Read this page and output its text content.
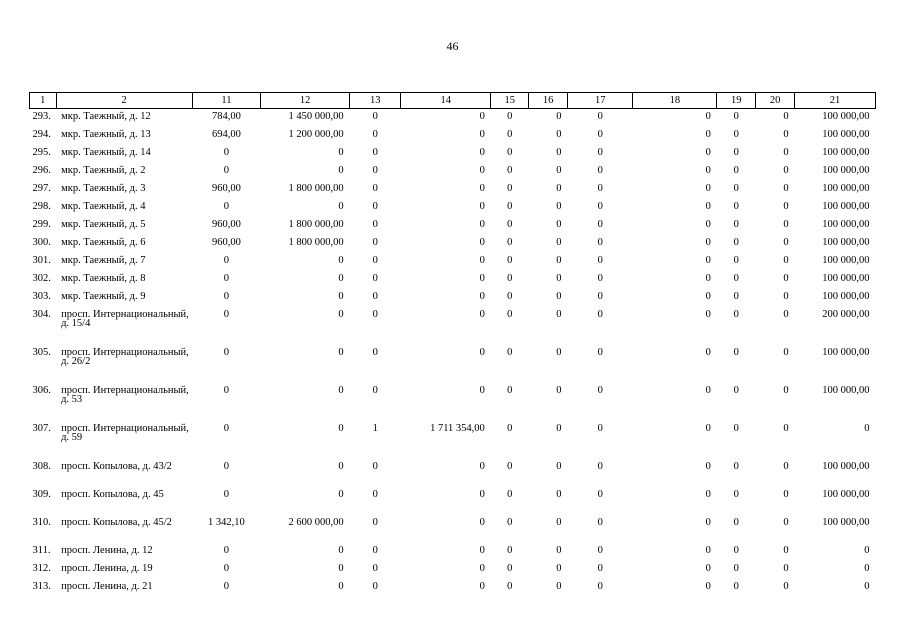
46
1	2	11	12	13	14	15	16	17	18	19	20	21
293.	мкр. Таежный, д. 12	784,00	1 450 000,00	0	0	0	0	0	0	0	0	100 000,00
294.	мкр. Таежный, д. 13	694,00	1 200 000,00	0	0	0	0	0	0	0	0	100 000,00
295.	мкр. Таежный, д. 14	0	0	0	0	0	0	0	0	0	0	100 000,00
296.	мкр. Таежный, д. 2	0	0	0	0	0	0	0	0	0	0	100 000,00
297.	мкр. Таежный, д. 3	960,00	1 800 000,00	0	0	0	0	0	0	0	0	100 000,00
298.	мкр. Таежный, д. 4	0	0	0	0	0	0	0	0	0	0	100 000,00
299.	мкр. Таежный, д. 5	960,00	1 800 000,00	0	0	0	0	0	0	0	0	100 000,00
300.	мкр. Таежный, д. 6	960,00	1 800 000,00	0	0	0	0	0	0	0	0	100 000,00
301.	мкр. Таежный, д. 7	0	0	0	0	0	0	0	0	0	0	100 000,00
302.	мкр. Таежный, д. 8	0	0	0	0	0	0	0	0	0	0	100 000,00
303.	мкр. Таежный, д. 9	0	0	0	0	0	0	0	0	0	0	100 000,00
304.	просп. Интернациональный, д. 15/4	0	0	0	0	0	0	0	0	0	0	200 000,00
305.	просп. Интернациональный, д. 26/2	0	0	0	0	0	0	0	0	0	0	100 000,00
306.	просп. Интернациональный, д. 53	0	0	0	0	0	0	0	0	0	0	100 000,00
307.	просп. Интернациональный, д. 59	0	0	1	1 711 354,00	0	0	0	0	0	0	0
308.	просп. Копылова, д. 43/2	0	0	0	0	0	0	0	0	0	0	100 000,00
309.	просп. Копылова, д. 45	0	0	0	0	0	0	0	0	0	0	100 000,00
310.	просп. Копылова, д. 45/2	1 342,10	2 600 000,00	0	0	0	0	0	0	0	0	100 000,00
311.	просп. Ленина, д. 12	0	0	0	0	0	0	0	0	0	0	0
312.	просп. Ленина, д. 19	0	0	0	0	0	0	0	0	0	0	0
313.	просп. Ленина, д. 21	0	0	0	0	0	0	0	0	0	0	0
